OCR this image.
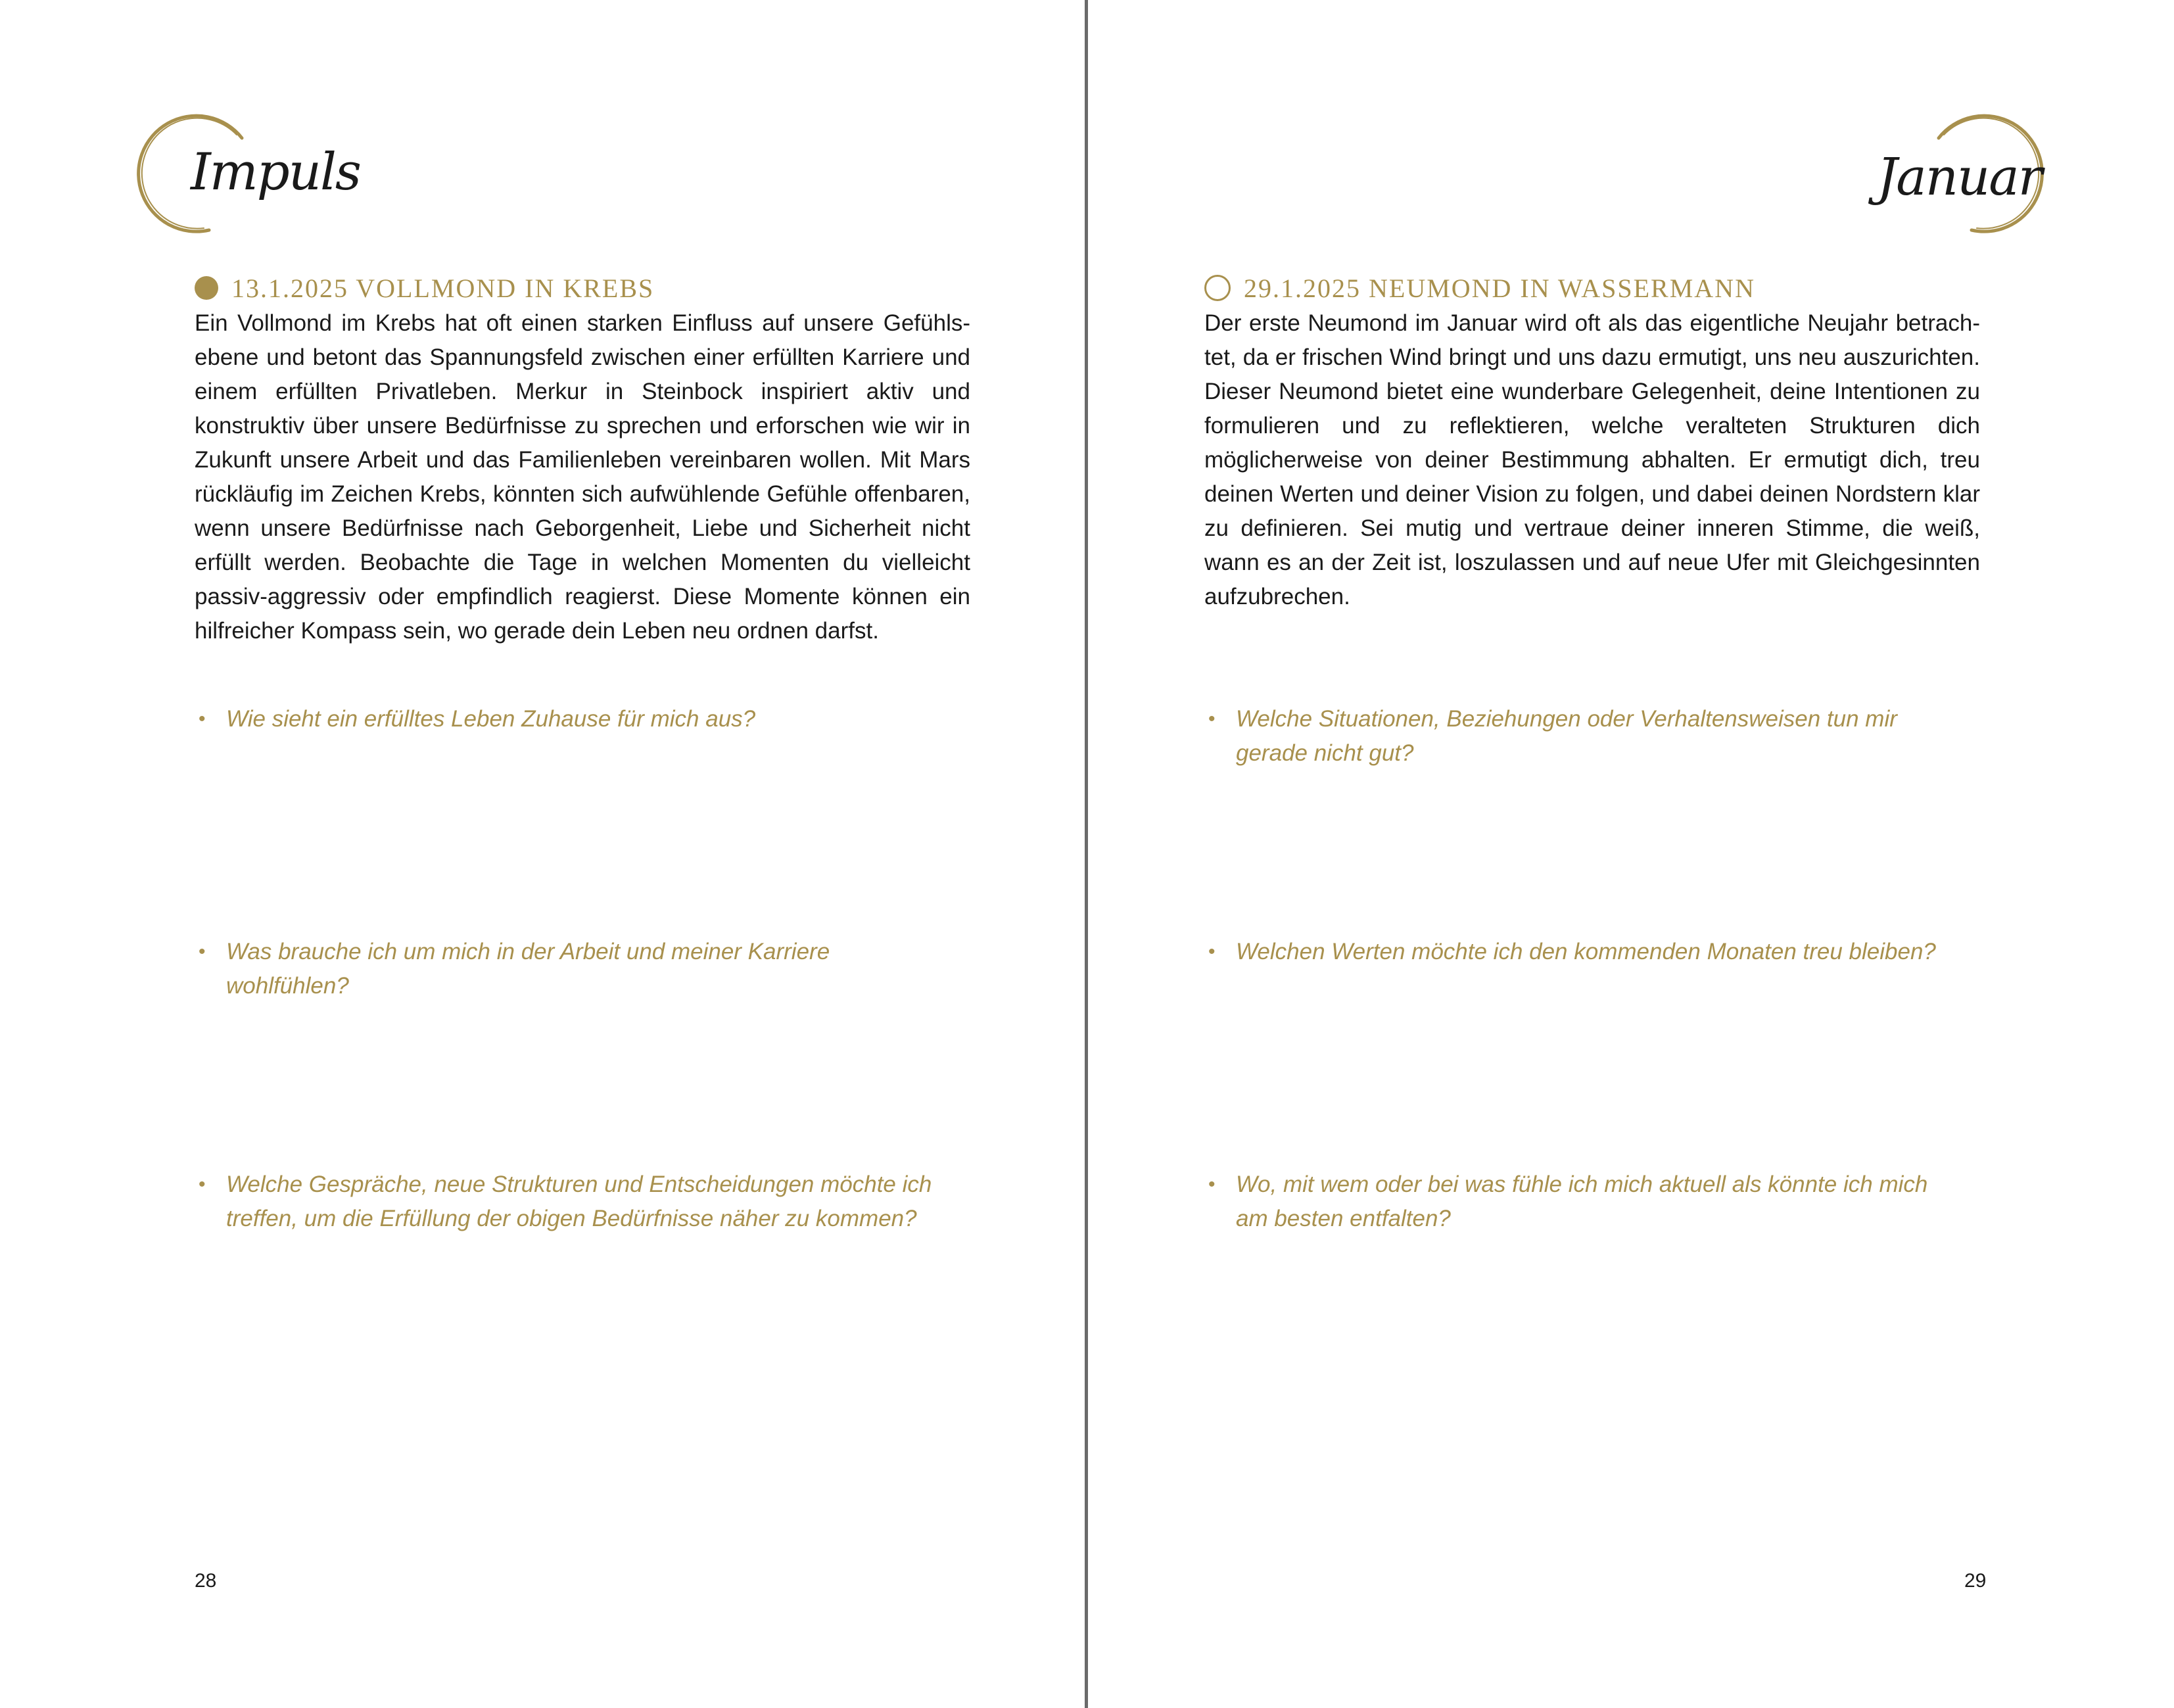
Impuls
13.1.2025 VOLLMOND IN KREBS

Ein Vollmond im Krebs hat oft einen starken Einfluss auf unsere Gefühlsebene und betont das Spannungsfeld zwischen einer erfüllten Karriere und einem erfüllten Privatleben. Merkur in Steinbock inspiriert aktiv und konstruktiv über unsere Bedürfnisse zu sprechen und erforschen wie wir in Zukunft unsere Arbeit und das Familienleben vereinbaren wollen. Mit Mars rückläufig im Zeichen Krebs, könnten sich aufwühlende Gefühle offenbaren, wenn unsere Bedürfnisse nach Geborgenheit, Liebe und Sicherheit nicht erfüllt werden. Beobachte die Tage in welchen Momenten du vielleicht passiv-aggressiv oder empfindlich reagierst. Diese Momente können ein hilfreicher Kompass sein, wo gerade dein Leben neu ordnen darfst.

• Wie sieht ein erfülltes Leben Zuhause für mich aus?
• Was brauche ich um mich in der Arbeit und meiner Karriere wohlfühlen?
• Welche Gespräche, neue Strukturen und Entscheidungen möchte ich treffen, um die Erfüllung der obigen Bedürfnisse näher zu kommen?
28
Januar
29.1.2025 NEUMOND IN WASSERMANN

Der erste Neumond im Januar wird oft als das eigentliche Neujahr betrachtet, da er frischen Wind bringt und uns dazu ermutigt, uns neu auszurichten. Dieser Neumond bietet eine wunderbare Gelegenheit, deine Intentionen zu formulieren und zu reflektieren, welche veralteten Strukturen dich möglicherweise von deiner Bestimmung abhalten. Er ermutigt dich, treu deinen Werten und deiner Vision zu folgen, und dabei deinen Nordstern klar zu definieren. Sei mutig und vertraue deiner inneren Stimme, die weiß, wann es an der Zeit ist, loszulassen und auf neue Ufer mit Gleichgesinnten aufzubrechen.

• Welche Situationen, Beziehungen oder Verhaltensweisen tun mir gerade nicht gut?
• Welchen Werten möchte ich den kommenden Monaten treu bleiben?
• Wo, mit wem oder bei was fühle ich mich aktuell als könnte ich mich am besten entfalten?
29
